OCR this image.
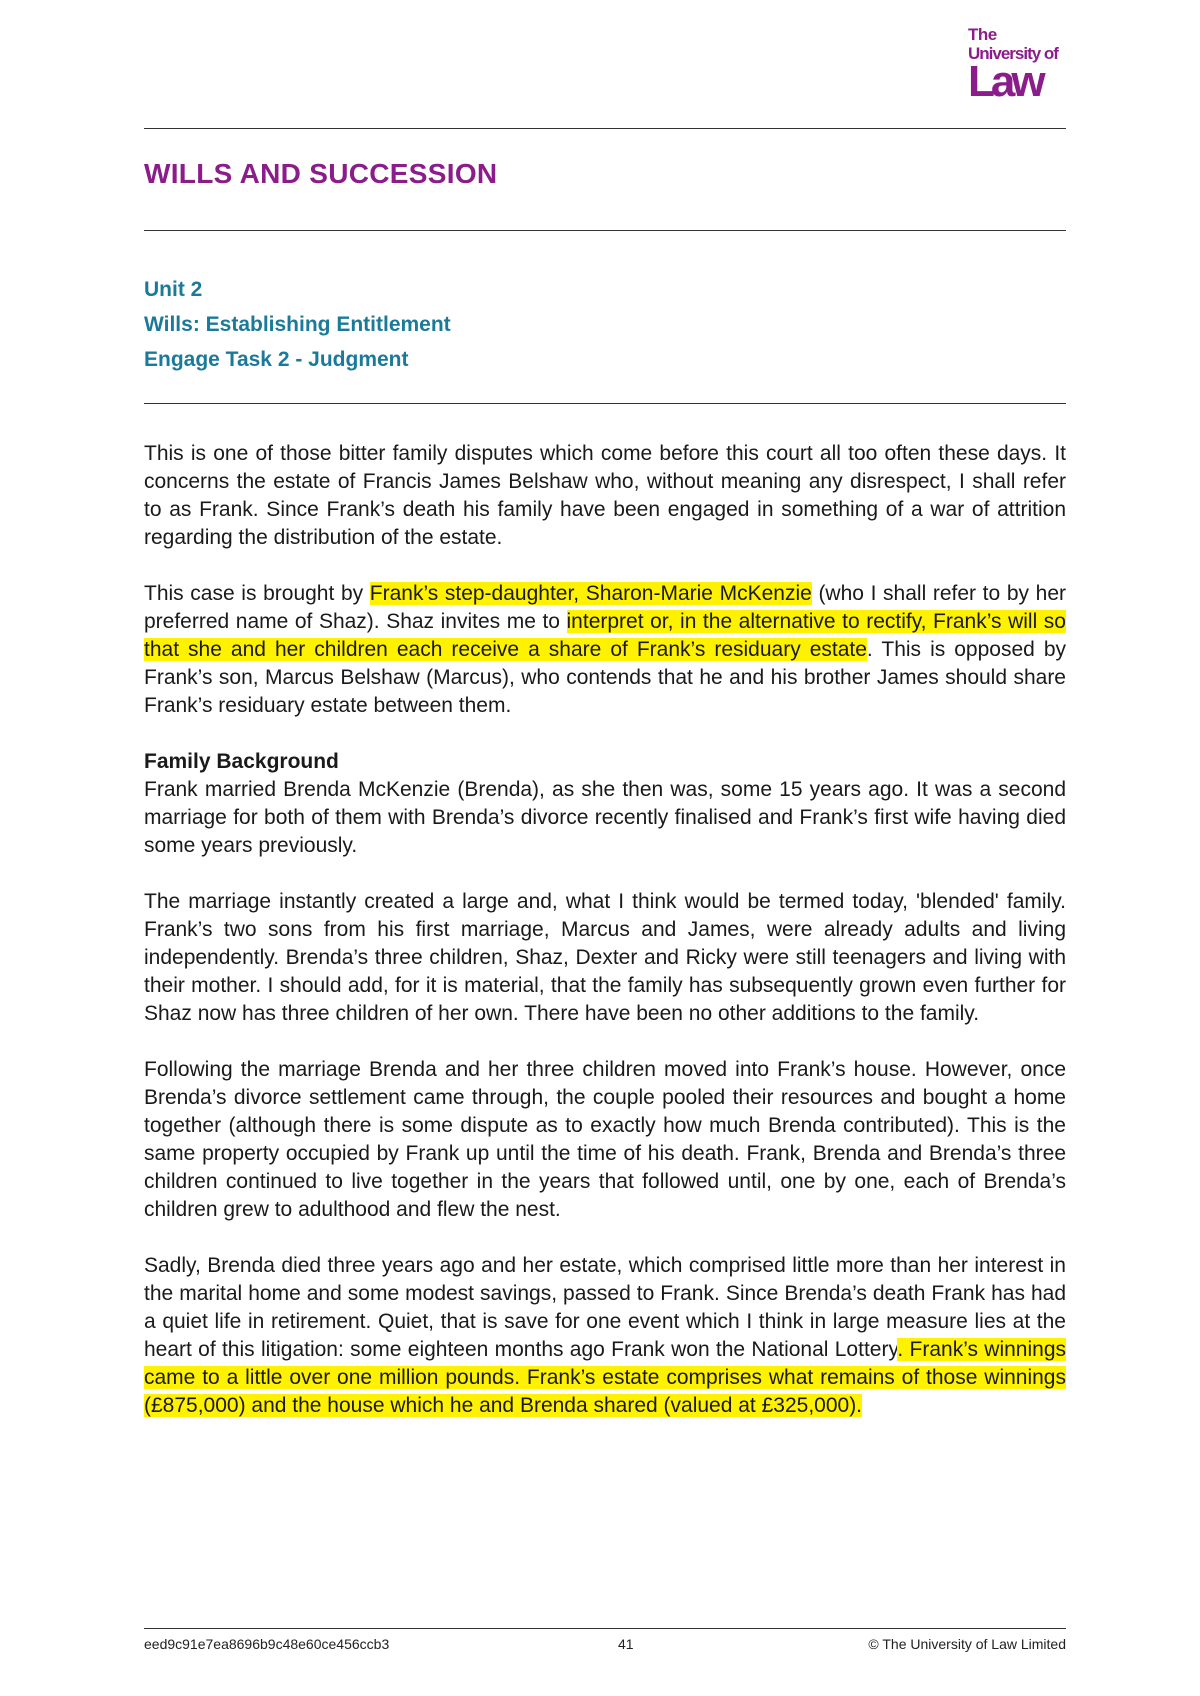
The
University of
Law
WILLS AND SUCCESSION
Unit 2
Wills: Establishing Entitlement
Engage Task 2 - Judgment

This is one of those bitter family disputes which come before this court all too often these days. It concerns the estate of Francis James Belshaw who, without meaning any disrespect, I shall refer to as Frank. Since Frank’s death his family have been engaged in something of a war of attrition regarding the distribution of the estate.

This case is brought by Frank’s step-daughter, Sharon-Marie McKenzie (who I shall refer to by her preferred name of Shaz). Shaz invites me to interpret or, in the alternative to rectify, Frank’s will so that she and her children each receive a share of Frank’s residuary estate. This is opposed by Frank’s son, Marcus Belshaw (Marcus), who contends that he and his brother James should share Frank’s residuary estate between them.

Family Background

Frank married Brenda McKenzie (Brenda), as she then was, some 15 years ago. It was a second marriage for both of them with Brenda’s divorce recently finalised and Frank’s first wife having died some years previously.

The marriage instantly created a large and, what I think would be termed today, 'blended' family. Frank’s two sons from his first marriage, Marcus and James, were already adults and living independently. Brenda’s three children, Shaz, Dexter and Ricky were still teenagers and living with their mother. I should add, for it is material, that the family has subsequently grown even further for Shaz now has three children of her own. There have been no other additions to the family.

Following the marriage Brenda and her three children moved into Frank’s house. However, once Brenda’s divorce settlement came through, the couple pooled their resources and bought a home together (although there is some dispute as to exactly how much Brenda contributed). This is the same property occupied by Frank up until the time of his death. Frank, Brenda and Brenda’s three children continued to live together in the years that followed until, one by one, each of Brenda’s children grew to adulthood and flew the nest.

Sadly, Brenda died three years ago and her estate, which comprised little more than her interest in the marital home and some modest savings, passed to Frank. Since Brenda’s death Frank has had a quiet life in retirement. Quiet, that is save for one event which I think in large measure lies at the heart of this litigation: some eighteen months ago Frank won the National Lottery. Frank’s winnings came to a little over one million pounds. Frank’s estate comprises what remains of those winnings (£875,000) and the house which he and Brenda shared (valued at £325,000).

eed9c91e7ea8696b9c48e60ce456ccb3	41	© The University of Law Limited
